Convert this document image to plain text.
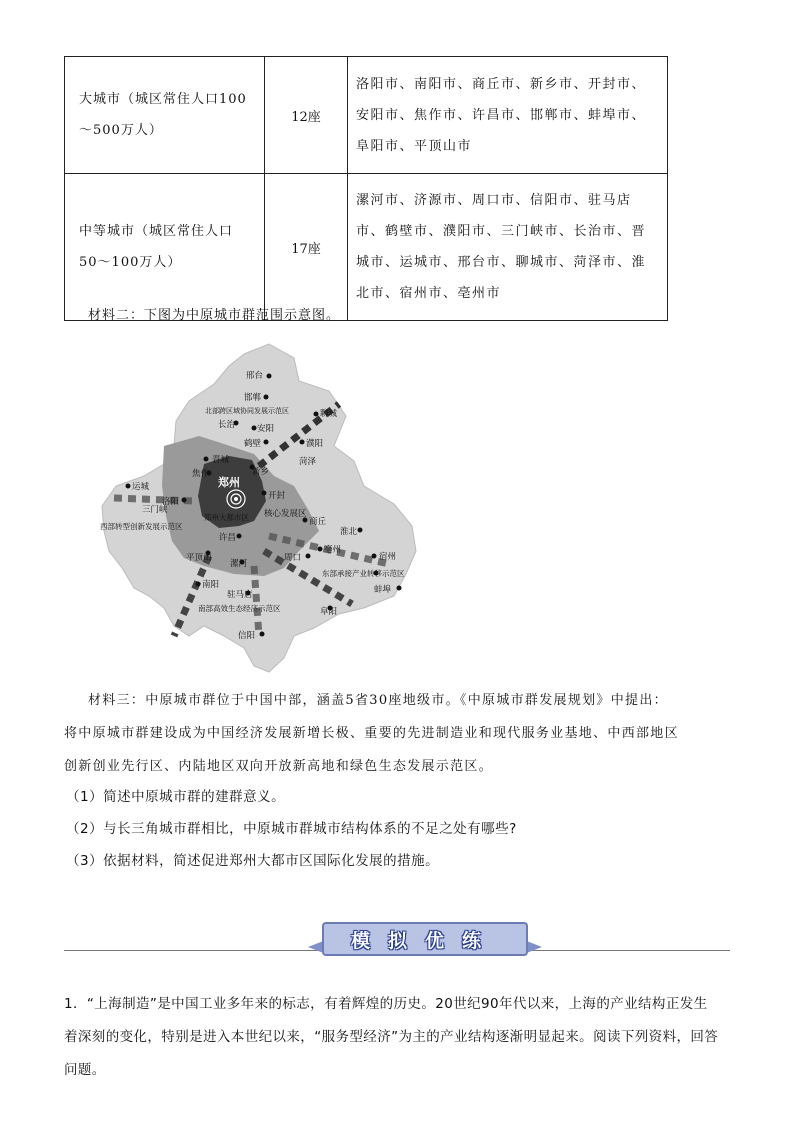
大城市（城区常住人口100～500万人）	12座	洛阳市、南阳市、商丘市、新乡市、开封市、安阳市、焦作市、许昌市、邯郸市、蚌埠市、阜阳市、平顶山市
中等城市（城区常住人口 50～100万人）	17座	漯河市、济源市、周口市、信阳市、驻马店市、鹤壁市、濮阳市、三门峡市、长治市、晋城市、运城市、邢台市、聊城市、菏泽市、淮北市、宿州市、亳州市
材料二：下图为中原城市群范围示意图。
邢台
邯郸
北部跨区域协同发展示范区	聊城
长治	安阳
鹤壁	濮阳
晋城
焦作	新乡
菏泽
运城	郑州
开封
三门峡
洛阳
核心发展区
西部转型创新发展示范区
郑州大都市区	商丘
许昌
淮北
平顶山	周口
亳州
宿州
漯河
东部承接产业转移示范区
南阳
驻马店	蚌埠
南部高效生态经济示范区	阜阳
信阳
材料三：中原城市群位于中国中部，涵盖5省30座地级市。《中原城市群发展规划》中提出：
将中原城市群建设成为中国经济发展新增长极、重要的先进制造业和现代服务业基地、中西部地区
创新创业先行区、内陆地区双向开放新高地和绿色生态发展示范区。
（1）简述中原城市群的建群意义。
（2）与长三角城市群相比，中原城市群城市结构体系的不足之处有哪些?
（3）依据材料，简述促进郑州大都市区国际化发展的措施。
模拟优练
1．“上海制造”是中国工业多年来的标志，有着辉煌的历史。20世纪90年代以来，上海的产业结构正发生
着深刻的变化，特别是进入本世纪以来，“服务型经济”为主的产业结构逐渐明显起来。阅读下列资料，回答
问题。
